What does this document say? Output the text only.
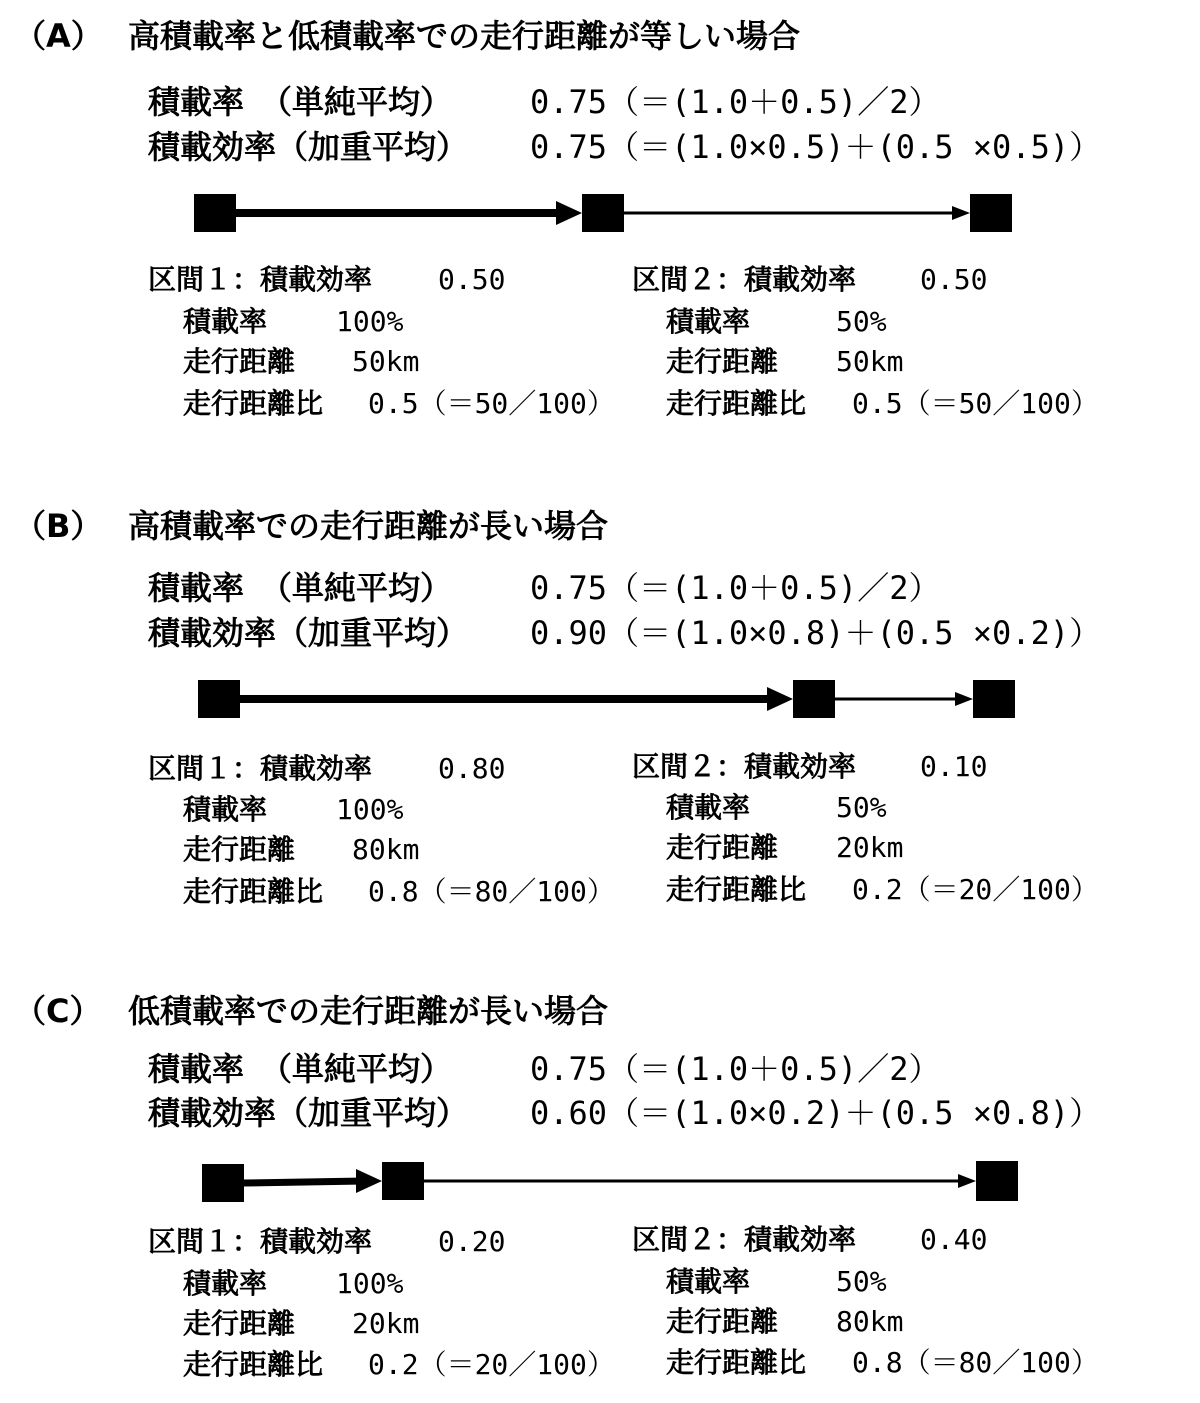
（A） 高積載率と低積載率での走行距離が等しい場合
積載率　（単純平均） 0.75（＝(1.0＋0.5)／2）
積載効率（加重平均） 0.75（＝(1.0×0.5)＋(0.5 ×0.5)）
区間１：積載効率 0.50
積載率 100%
走行距離 50km
走行距離比 0.5（＝50／100）
区間２：積載効率 0.50
積載率	50%
走行距離 50km
走行距離比 0.5（＝50／100）
（B） 高積載率での走行距離が長い場合
積載率　（単純平均） 0.75（＝(1.0＋0.5)／2）
積載効率（加重平均） 0.90（＝(1.0×0.8)＋(0.5 ×0.2)）
区間１：積載効率 0.80
積載率 100%
走行距離 80km
走行距離比 0.8（＝80／100）
区間２：積載効率 0.10
積載率	50%
走行距離 20km
走行距離比 0.2（＝20／100）
（C） 低積載率での走行距離が長い場合
積載率　（単純平均） 0.75（＝(1.0＋0.5)／2）
積載効率（加重平均） 0.60（＝(1.0×0.2)＋(0.5 ×0.8)）
区間１：積載効率 0.20
積載率 100%
走行距離 20km
走行距離比 0.2（＝20／100）
区間２：積載効率 0.40
積載率	50%
走行距離 80km
走行距離比 0.8（＝80／100）
